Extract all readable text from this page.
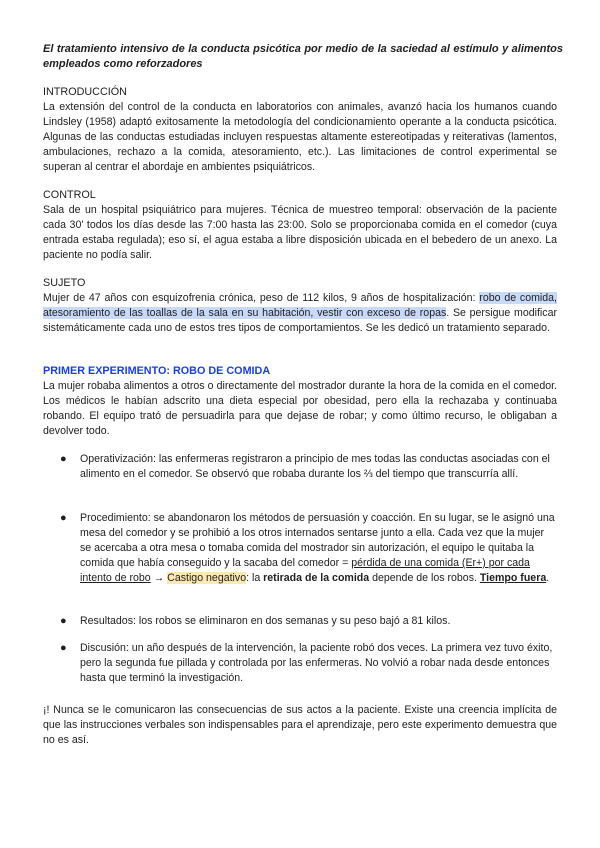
El tratamiento intensivo de la conducta psicótica por medio de la saciedad al estímulo y alimentos empleados como reforzadores
INTRODUCCIÓN
La extensión del control de la conducta en laboratorios con animales, avanzó hacia los humanos cuando Lindsley (1958) adaptó exitosamente la metodología del condicionamiento operante a la conducta psicótica. Algunas de las conductas estudiadas incluyen respuestas altamente estereotipadas y reiterativas (lamentos, ambulaciones, rechazo a la comida, atesoramiento, etc.). Las limitaciones de control experimental se superan al centrar el abordaje en ambientes psiquiátricos.
CONTROL
Sala de un hospital psiquiátrico para mujeres. Técnica de muestreo temporal: observación de la paciente cada 30' todos los días desde las 7:00 hasta las 23:00. Solo se proporcionaba comida en el comedor (cuya entrada estaba regulada); eso sí, el agua estaba a libre disposición ubicada en el bebedero de un anexo. La paciente no podía salir.
SUJETO
Mujer de 47 años con esquizofrenia crónica, peso de 112 kilos, 9 años de hospitalización: robo de comida, atesoramiento de las toallas de la sala en su habitación, vestir con exceso de ropas. Se persigue modificar sistemáticamente cada uno de estos tres tipos de comportamientos. Se les dedicó un tratamiento separado.
PRIMER EXPERIMENTO: ROBO DE COMIDA
La mujer robaba alimentos a otros o directamente del mostrador durante la hora de la comida en el comedor. Los médicos le habían adscrito una dieta especial por obesidad, pero ella la rechazaba y continuaba robando. El equipo trató de persuadirla para que dejase de robar; y como último recurso, le obligaban a devolver todo.
●	Operativización: las enfermeras registraron a principio de mes todas las conductas asociadas con el alimento en el comedor. Se observó que robaba durante los ⅔ del tiempo que transcurría allí.
●	Procedimiento: se abandonaron los métodos de persuasión y coacción. En su lugar, se le asignó una mesa del comedor y se prohibió a los otros internados sentarse junto a ella. Cada vez que la mujer se acercaba a otra mesa o tomaba comida del mostrador sin autorización, el equipo le quitaba la comida que había conseguido y la sacaba del comedor = pérdida de una comida (Er+) por cada intento de robo → Castigo negativo: la retirada de la comida depende de los robos. Tiempo fuera.
●	Resultados: los robos se eliminaron en dos semanas y su peso bajó a 81 kilos.
●	Discusión: un año después de la intervención, la paciente robó dos veces. La primera vez tuvo éxito, pero la segunda fue pillada y controlada por las enfermeras. No volvió a robar nada desde entonces hasta que terminó la investigación.
¡! Nunca se le comunicaron las consecuencias de sus actos a la paciente. Existe una creencia implícita de que las instrucciones verbales son indispensables para el aprendizaje, pero este experimento demuestra que no es así.
